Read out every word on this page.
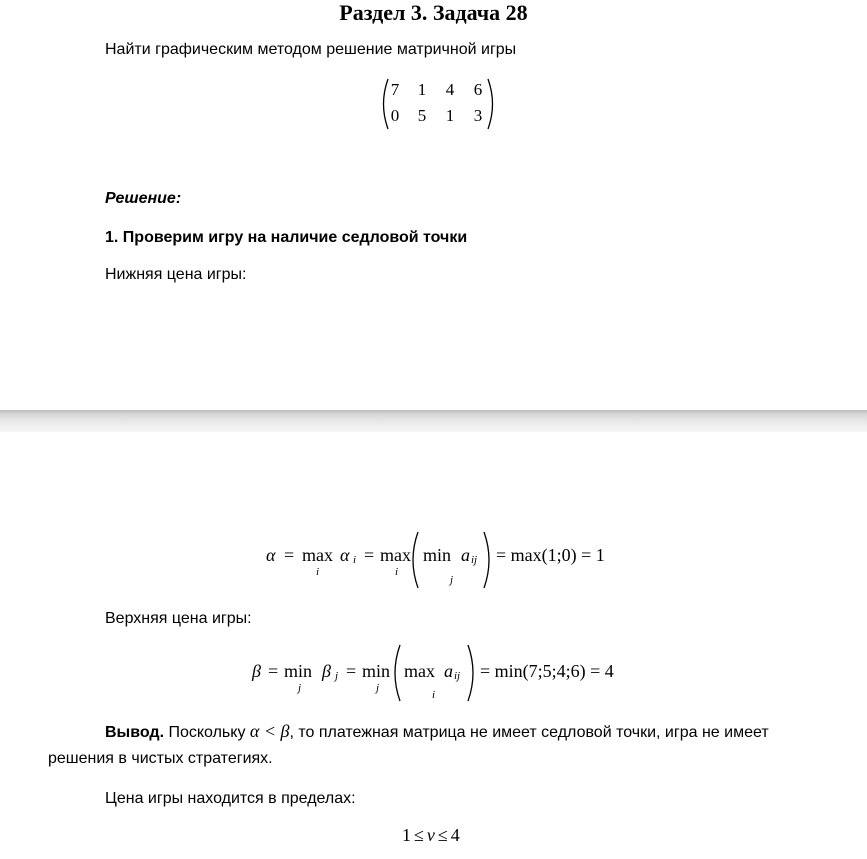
Раздел 3. Задача 28
Найти графическим методом решение матричной игры
7	1	4	6
0	5	1	3
Решение:
1. Проверим игру на наличие седловой точки
Нижняя цена игры:
α = max
i
α i = max
i
min a ij
j
= max(1;0) = 1
Верхняя цена игры:
β = min
j
β j = min
j
max a ij
i
= min(7;5;4;6) = 4
Вывод. Поскольку α < β, то платежная матрица не имеет седловой точки, игра не имеет
решения в чистых стратегиях.
Цена игры находится в пределах:
1 ≤ v ≤ 4
